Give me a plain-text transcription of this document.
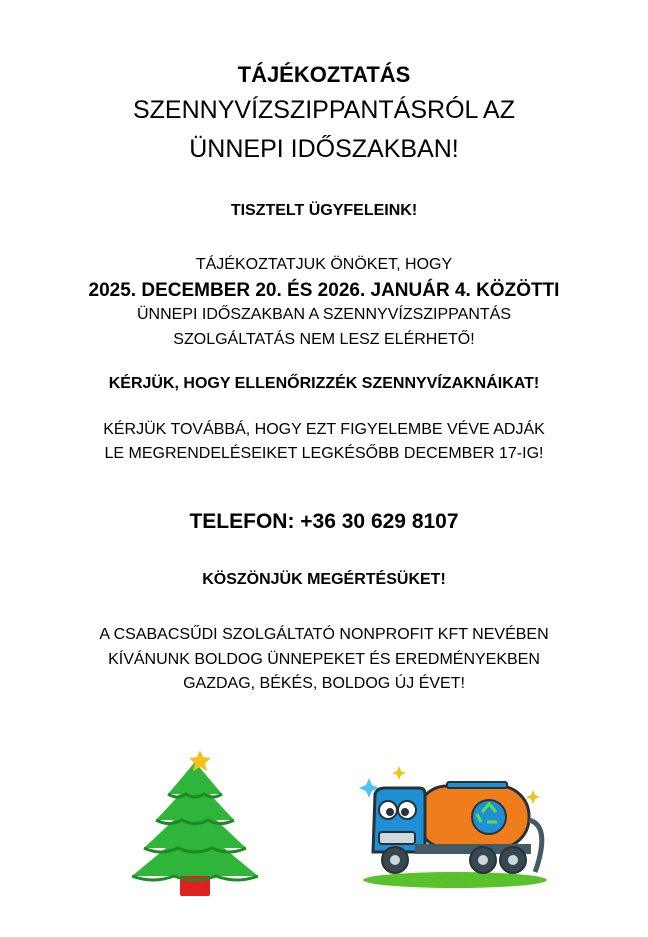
TÁJÉKOZTATÁS
SZENNYVÍZSZIPPANTÁSRÓL AZ
ÜNNEPI IDŐSZAKBAN!
TISZTELT ÜGYFELEINK!
TÁJÉKOZTATJUK ÖNÖKET, HOGY
2025. DECEMBER 20. ÉS 2026. JANUÁR 4. KÖZÖTTI
ÜNNEPI IDŐSZAKBAN A SZENNYVÍZSZIPPANTÁS
SZOLGÁLTATÁS NEM LESZ ELÉRHETŐ!
KÉRJÜK, HOGY ELLENŐRIZZÉK SZENNYVÍZAKNÁIKAT!
KÉRJÜK TOVÁBBÁ, HOGY EZT FIGYELEMBE VÉVE ADJÁK
LE MEGRENDELÉSEIKET LEGKÉSŐBB DECEMBER 17-IG!
TELEFON: +36 30 629 8107
KÖSZÖNJÜK MEGÉRTÉSÜKET!
A CSABACSŰDI SZOLGÁLTATÓ NONPROFIT KFT NEVÉBEN
KÍVÁNUNK BOLDOG ÜNNEPEKET ÉS EREDMÉNYEKBEN
GAZDAG, BÉKÉS, BOLDOG ÚJ ÉVET!
